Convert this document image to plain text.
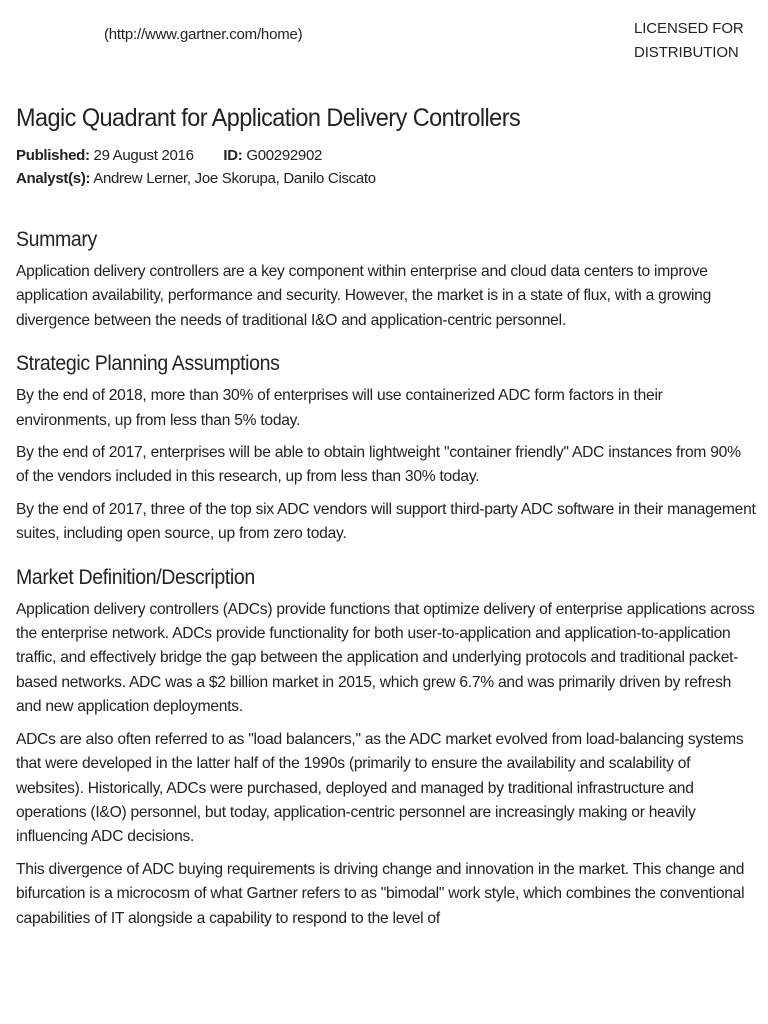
(http://www.gartner.com/home)	LICENSED FOR
DISTRIBUTION
Magic Quadrant for Application Delivery Controllers
Published: 29 August 2016 ID: G00292902
Analyst(s): Andrew Lerner, Joe Skorupa, Danilo Ciscato
Summary

Application delivery controllers are a key component within enterprise and cloud data centers to improve application availability, performance and security. However, the market is in a state of flux, with a growing divergence between the needs of traditional I&O and application-centric personnel.

Strategic Planning Assumptions

By the end of 2018, more than 30% of enterprises will use containerized ADC form factors in their environments, up from less than 5% today.

By the end of 2017, enterprises will be able to obtain lightweight "container friendly" ADC instances from 90% of the vendors included in this research, up from less than 30% today.

By the end of 2017, three of the top six ADC vendors will support third-party ADC software in their management suites, including open source, up from zero today.

Market Definition/Description

Application delivery controllers (ADCs) provide functions that optimize delivery of enterprise applications across the enterprise network. ADCs provide functionality for both user-to-application and application-to-application traffic, and effectively bridge the gap between the application and underlying protocols and traditional packet-based networks. ADC was a $2 billion market in 2015, which grew 6.7% and was primarily driven by refresh and new application deployments.

ADCs are also often referred to as "load balancers," as the ADC market evolved from load-balancing systems that were developed in the latter half of the 1990s (primarily to ensure the availability and scalability of websites). Historically, ADCs were purchased, deployed and managed by traditional infrastructure and operations (I&O) personnel, but today, application-centric personnel are increasingly making or heavily influencing ADC decisions.

This divergence of ADC buying requirements is driving change and innovation in the market. This change and bifurcation is a microcosm of what Gartner refers to as "bimodal" work style, which combines the conventional capabilities of IT alongside a capability to respond to the level of
